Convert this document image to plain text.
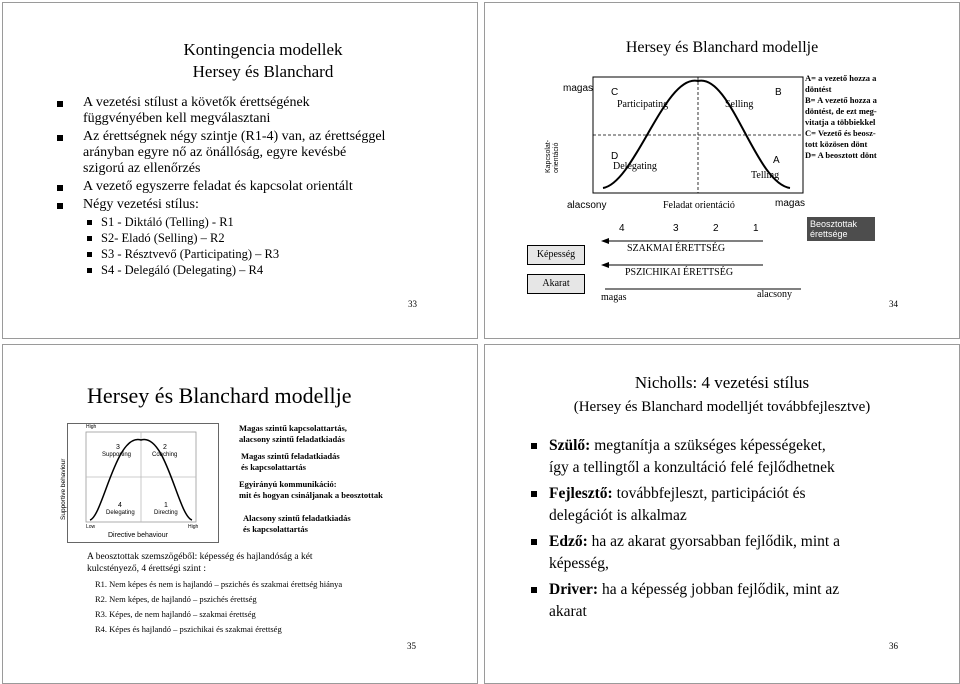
Kontingencia modellek
Hersey és Blanchard
A vezetési stílust a követők érettségének
függvényében kell megválasztani
Az érettségnek négy szintje (R1-4) van, az érettséggel
arányban egyre nő az önállóság, egyre kevésbé
szigorú az ellenőrzés
A vezető egyszerre feladat és kapcsolat orientált
Négy vezetési stílus:
S1 - Diktáló (Telling) - R1
S2- Eladó (Selling) – R2
S3 - Résztvevő (Participating) – R3
S4 - Delegáló (Delegating) – R4
33
Hersey és Blanchard modellje
magas
Kapcsolat- orientáció
C
Participating
B
Selling
D
Delegating
A
Telling
alacsony	Feladat orientáció	magas
4	3	2	1
A= a vezető hozza a
döntést
B= A vezető hozza a
döntést, de ezt meg-
vitatja a többiekkel
C= Vezető és beosz-
tott közösen dönt
D= A beosztott dönt
Beosztottak érettsége
Képesség
Akarat
SZAKMAI ÉRETTSÉG
PSZICHIKAI ÉRETTSÉG
magas	alacsony
34
Hersey és Blanchard modellje
Supportive behaviour
High
3
Supporting
2
Coaching
4
Delegating
1
Directing
Low	High
Directive behaviour
Magas szintű kapcsolattartás,
alacsony szintű feladatkiadás
Magas szintű feladatkiadás
és kapcsolattartás
Egyirányú kommunikáció:
mit és hogyan csináljanak a beosztottak
Alacsony szintű feladatkiadás
és kapcsolattartás
A beosztottak szemszögéből: képesség és hajlandóság a két
kulcstényező, 4 érettségi szint :
R1. Nem képes és nem is hajlandó – pszichés és szakmai érettség hiánya
R2. Nem képes, de hajlandó – pszichés érettség
R3. Képes, de nem hajlandó – szakmai érettség
R4. Képes és hajlandó – pszichikai és szakmai érettség
35
Nicholls: 4 vezetési stílus
(Hersey és Blanchard modelljét továbbfejlesztve)
Szülő: megtanítja a szükséges képességeket,
így a tellingtől a konzultáció felé fejlődhetnek
Fejlesztő: továbbfejleszt, participációt és
delegációt is alkalmaz
Edző: ha az akarat gyorsabban fejlődik, mint a
képesség,
Driver: ha a képesség jobban fejlődik, mint az
akarat
36
